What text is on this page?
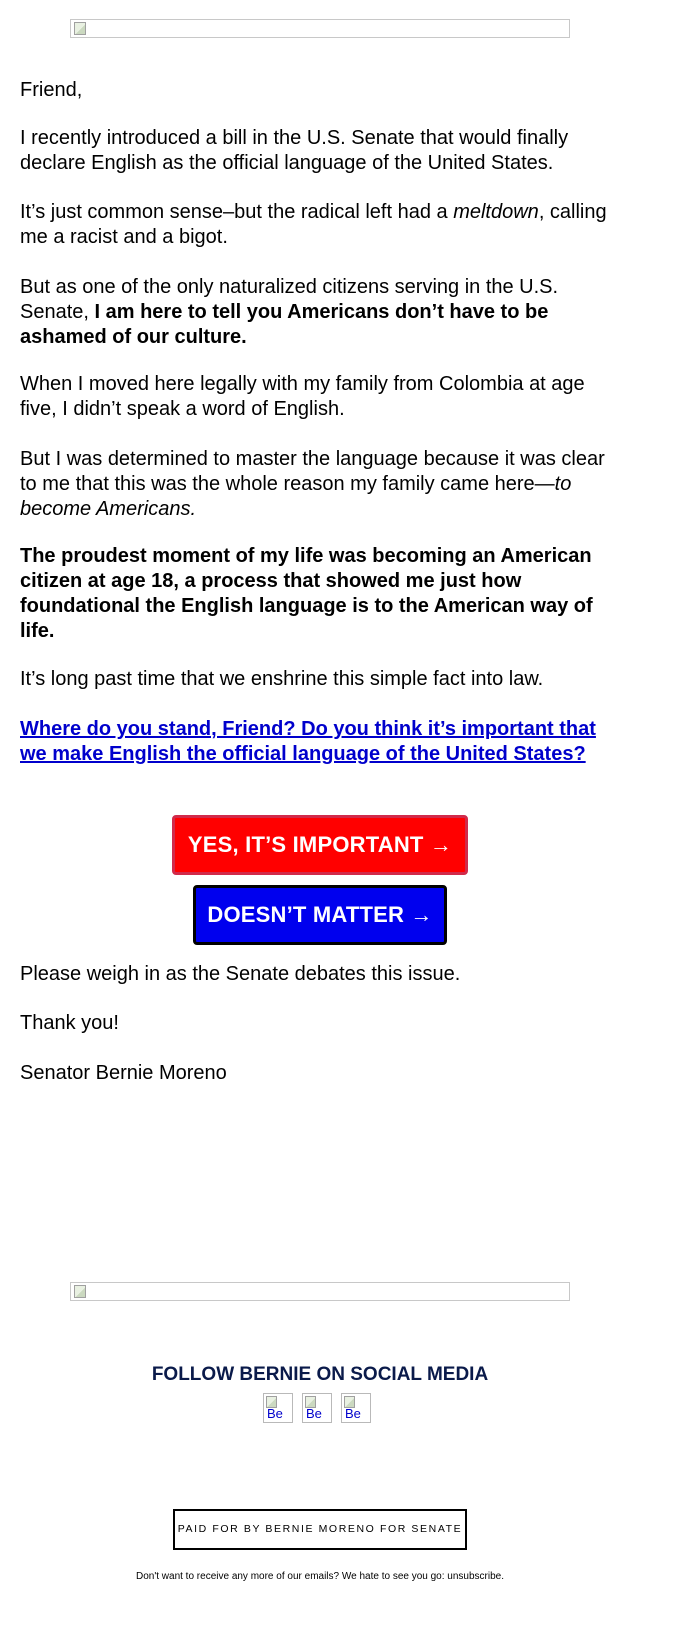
Friend,

I recently introduced a bill in the U.S. Senate that would finally declare English as the official language of the United States.

It’s just common sense–but the radical left had a meltdown, calling me a racist and a bigot.

But as one of the only naturalized citizens serving in the U.S. Senate, I am here to tell you Americans don’t have to be ashamed of our culture.

When I moved here legally with my family from Colombia at age five, I didn’t speak a word of English.

But I was determined to master the language because it was clear to me that this was the whole reason my family came here—to become Americans.

The proudest moment of my life was becoming an American citizen at age 18, a process that showed me just how foundational the English language is to the American way of life.

It’s long past time that we enshrine this simple fact into law.

Where do you stand, Friend? Do you think it’s important that we make English the official language of the United States?

YES, IT’S IMPORTANT →
DOESN’T MATTER →

Please weigh in as the Senate debates this issue.

Thank you!

Senator Bernie Moreno

FOLLOW BERNIE ON SOCIAL MEDIA

Be Be Be
PAID FOR BY BERNIE MORENO FOR SENATE
Don't want to receive any more of our emails? We hate to see you go: unsubscribe.
